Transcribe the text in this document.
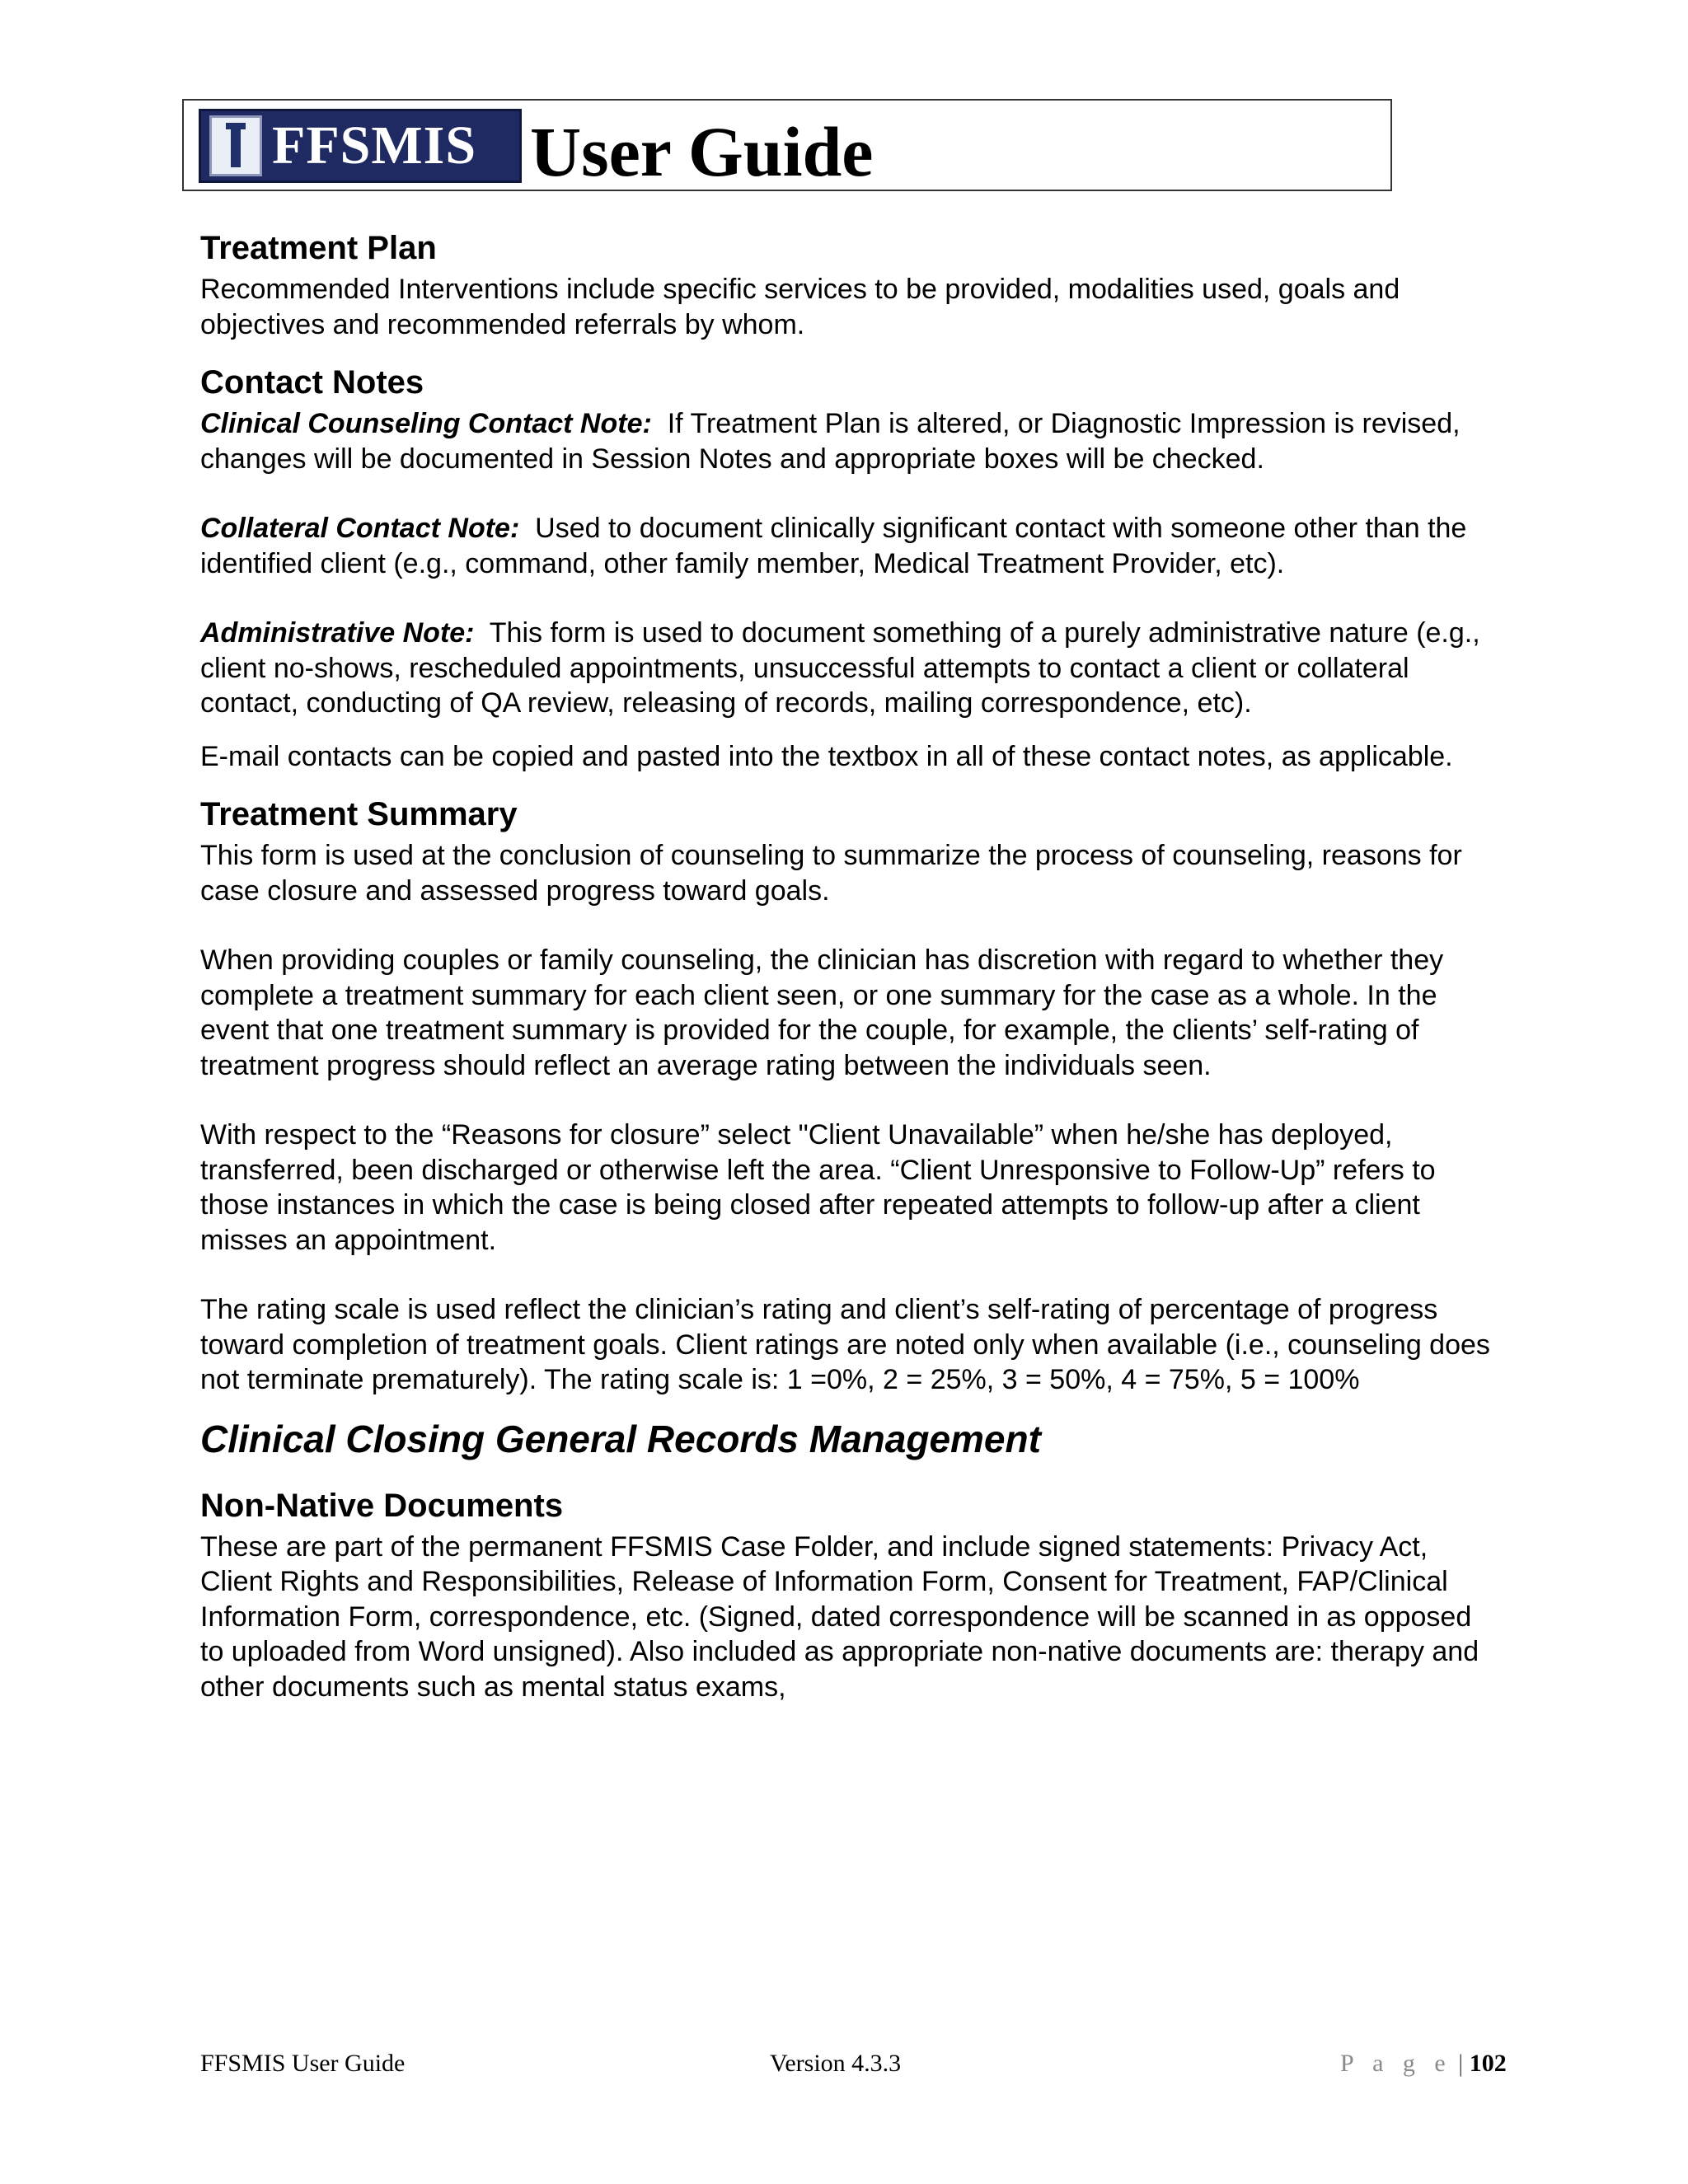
FFSMIS User Guide
Treatment Plan

Recommended Interventions include specific services to be provided, modalities used, goals and objectives and recommended referrals by whom.

Contact Notes

Clinical Counseling Contact Note: If Treatment Plan is altered, or Diagnostic Impression is revised, changes will be documented in Session Notes and appropriate boxes will be checked.

Collateral Contact Note: Used to document clinically significant contact with someone other than the identified client (e.g., command, other family member, Medical Treatment Provider, etc).

Administrative Note: This form is used to document something of a purely administrative nature (e.g., client no-shows, rescheduled appointments, unsuccessful attempts to contact a client or collateral contact, conducting of QA review, releasing of records, mailing correspondence, etc).

E-mail contacts can be copied and pasted into the textbox in all of these contact notes, as applicable.

Treatment Summary

This form is used at the conclusion of counseling to summarize the process of counseling, reasons for case closure and assessed progress toward goals.

When providing couples or family counseling, the clinician has discretion with regard to whether they complete a treatment summary for each client seen, or one summary for the case as a whole. In the event that one treatment summary is provided for the couple, for example, the clients’ self-rating of treatment progress should reflect an average rating between the individuals seen.

With respect to the “Reasons for closure” select "Client Unavailable” when he/she has deployed, transferred, been discharged or otherwise left the area. “Client Unresponsive to Follow-Up” refers to those instances in which the case is being closed after repeated attempts to follow-up after a client misses an appointment.

The rating scale is used reflect the clinician’s rating and client’s self-rating of percentage of progress toward completion of treatment goals. Client ratings are noted only when available (i.e., counseling does not terminate prematurely). The rating scale is: 1 =0%, 2 = 25%, 3 = 50%, 4 = 75%, 5 = 100%

Clinical Closing General Records Management
Non-Native Documents

These are part of the permanent FFSMIS Case Folder, and include signed statements: Privacy Act, Client Rights and Responsibilities, Release of Information Form, Consent for Treatment, FAP/Clinical Information Form, correspondence, etc. (Signed, dated correspondence will be scanned in as opposed to uploaded from Word unsigned). Also included as appropriate non-native documents are: therapy and other documents such as mental status exams,

FFSMIS User Guide	Version 4.3.3	P a g e | 102
